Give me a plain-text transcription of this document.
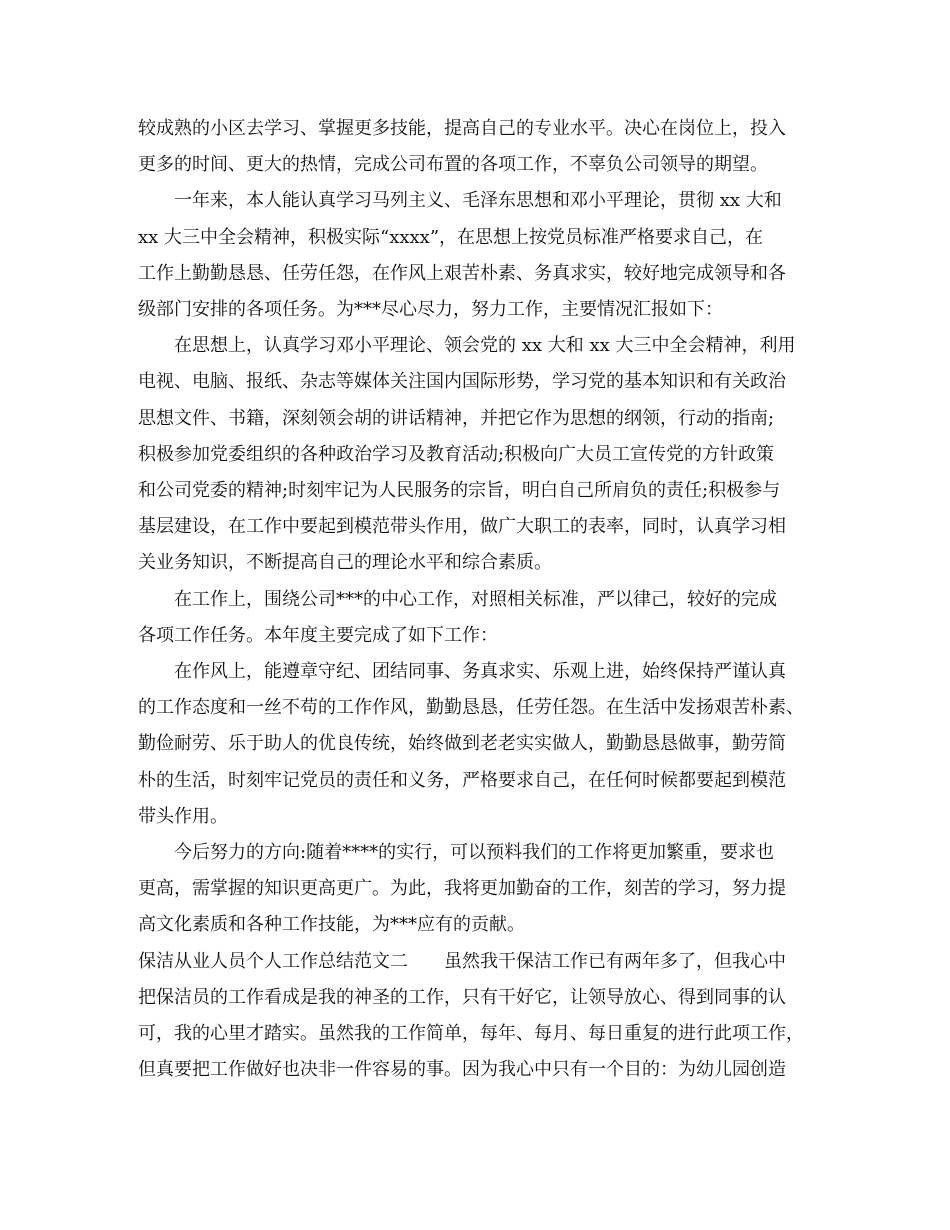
较成熟的小区去学习、掌握更多技能，提高自己的专业水平。决心在岗位上，投入
更多的时间、更大的热情，完成公司布置的各项工作，不辜负公司领导的期望。
一年来，本人能认真学习马列主义、毛泽东思想和邓小平理论，贯彻 xx 大和
xx 大三中全会精神，积极实际“xxxx”，在思想上按党员标准严格要求自己，在
工作上勤勤恳恳、任劳任怨，在作风上艰苦朴素、务真求实，较好地完成领导和各
级部门安排的各项任务。为***尽心尽力，努力工作，主要情况汇报如下：
在思想上，认真学习邓小平理论、领会党的 xx 大和 xx 大三中全会精神，利用
电视、电脑、报纸、杂志等媒体关注国内国际形势，学习党的基本知识和有关政治
思想文件、书籍，深刻领会胡的讲话精神，并把它作为思想的纲领，行动的指南;
积极参加党委组织的各种政治学习及教育活动;积极向广大员工宣传党的方针政策
和公司党委的精神;时刻牢记为人民服务的宗旨，明白自己所肩负的责任;积极参与
基层建设，在工作中要起到模范带头作用，做广大职工的表率，同时，认真学习相
关业务知识，不断提高自己的理论水平和综合素质。
在工作上，围绕公司***的中心工作，对照相关标准，严以律己，较好的完成
各项工作任务。本年度主要完成了如下工作：
在作风上，能遵章守纪、团结同事、务真求实、乐观上进，始终保持严谨认真
的工作态度和一丝不苟的工作作风，勤勤恳恳，任劳任怨。在生活中发扬艰苦朴素、
勤俭耐劳、乐于助人的优良传统，始终做到老老实实做人，勤勤恳恳做事，勤劳简
朴的生活，时刻牢记党员的责任和义务，严格要求自己，在任何时候都要起到模范
带头作用。
今后努力的方向:随着****的实行，可以预料我们的工作将更加繁重，要求也
更高，需掌握的知识更高更广。为此，我将更加勤奋的工作，刻苦的学习，努力提
高文化素质和各种工作技能，为***应有的贡献。
保洁从业人员个人工作总结范文二　　虽然我干保洁工作已有两年多了，但我心中
把保洁员的工作看成是我的神圣的工作，只有干好它，让领导放心、得到同事的认
可，我的心里才踏实。虽然我的工作简单，每年、每月、每日重复的进行此项工作，
但真要把工作做好也决非一件容易的事。因为我心中只有一个目的：为幼儿园创造
